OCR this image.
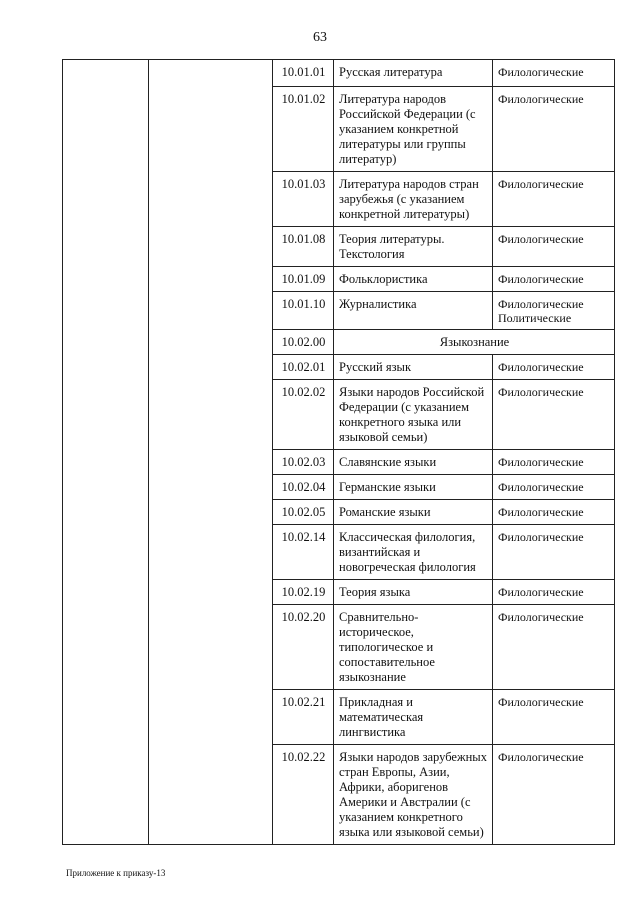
63
		10.01.01	Русская литература	Филологические
		10.01.02	Литература народов Российской Федерации (с указанием конкретной литературы или группы литератур)	Филологические
		10.01.03	Литература народов стран зарубежья (с указанием конкретной литературы)	Филологические
		10.01.08	Теория литературы. Текстология	Филологические
		10.01.09	Фольклористика	Филологические
		10.01.10	Журналистика	Филологические Политические
		10.02.00	Языкознание	
		10.02.01	Русский язык	Филологические
		10.02.02	Языки народов Российской Федерации (с указанием конкретного языка или языковой семьи)	Филологические
		10.02.03	Славянские языки	Филологические
		10.02.04	Германские языки	Филологические
		10.02.05	Романские языки	Филологические
		10.02.14	Классическая филология, византийская и новогреческая филология	Филологические
		10.02.19	Теория языка	Филологические
		10.02.20	Сравнительно-историческое, типологическое и сопоставительное языкознание	Филологические
		10.02.21	Прикладная и математическая лингвистика	Филологические
		10.02.22	Языки народов зарубежных стран Европы, Азии, Африки, аборигенов Америки и Австралии (с указанием конкретного языка или языковой семьи)	Филологические
Приложение к приказу-13
